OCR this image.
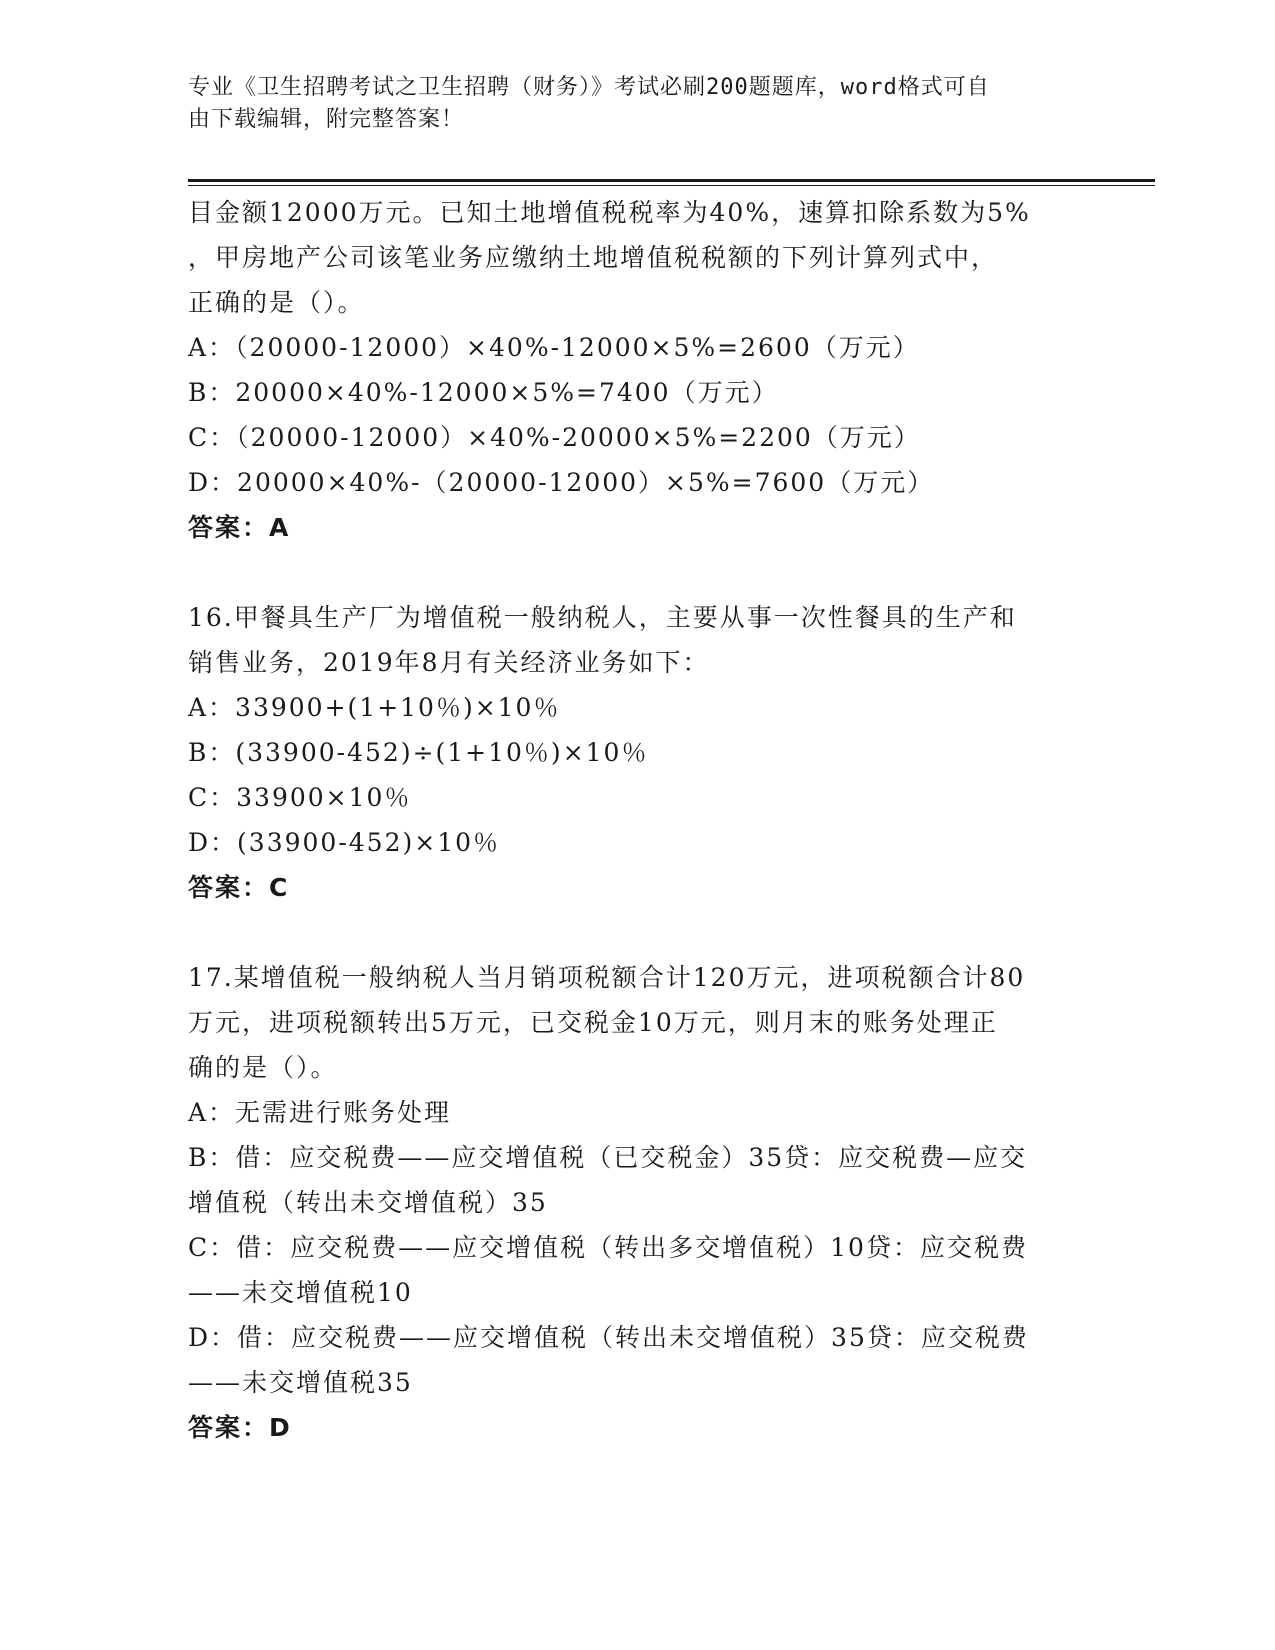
专业《卫生招聘考试之卫生招聘（财务）》考试必刷200题题库，word格式可自
由下载编辑，附完整答案！
目金额12000万元。已知土地增值税税率为40%，速算扣除系数为5%
，甲房地产公司该笔业务应缴纳土地增值税税额的下列计算列式中，
正确的是（）。
A：（20000-12000）×40%-12000×5%=2600（万元）
B：20000×40%-12000×5%=7400（万元）
C：（20000-12000）×40%-20000×5%=2200（万元）
D：20000×40%-（20000-12000）×5%=7600（万元）
答案：A
16.甲餐具生产厂为增值税一般纳税人，主要从事一次性餐具的生产和
销售业务，2019年8月有关经济业务如下：
A：33900+(1+10％)×10％
B：(33900-452)÷(1+10％)×10％
C：33900×10％
D：(33900-452)×10％
答案：C
17.某增值税一般纳税人当月销项税额合计120万元，进项税额合计80
万元，进项税额转出5万元，已交税金10万元，则月末的账务处理正
确的是（）。
A：无需进行账务处理
B：借：应交税费——应交增值税（已交税金）35贷：应交税费—应交
增值税（转出未交增值税）35
C：借：应交税费——应交增值税（转出多交增值税）10贷：应交税费
——未交增值税10
D：借：应交税费——应交增值税（转出未交增值税）35贷：应交税费
——未交增值税35
答案：D
